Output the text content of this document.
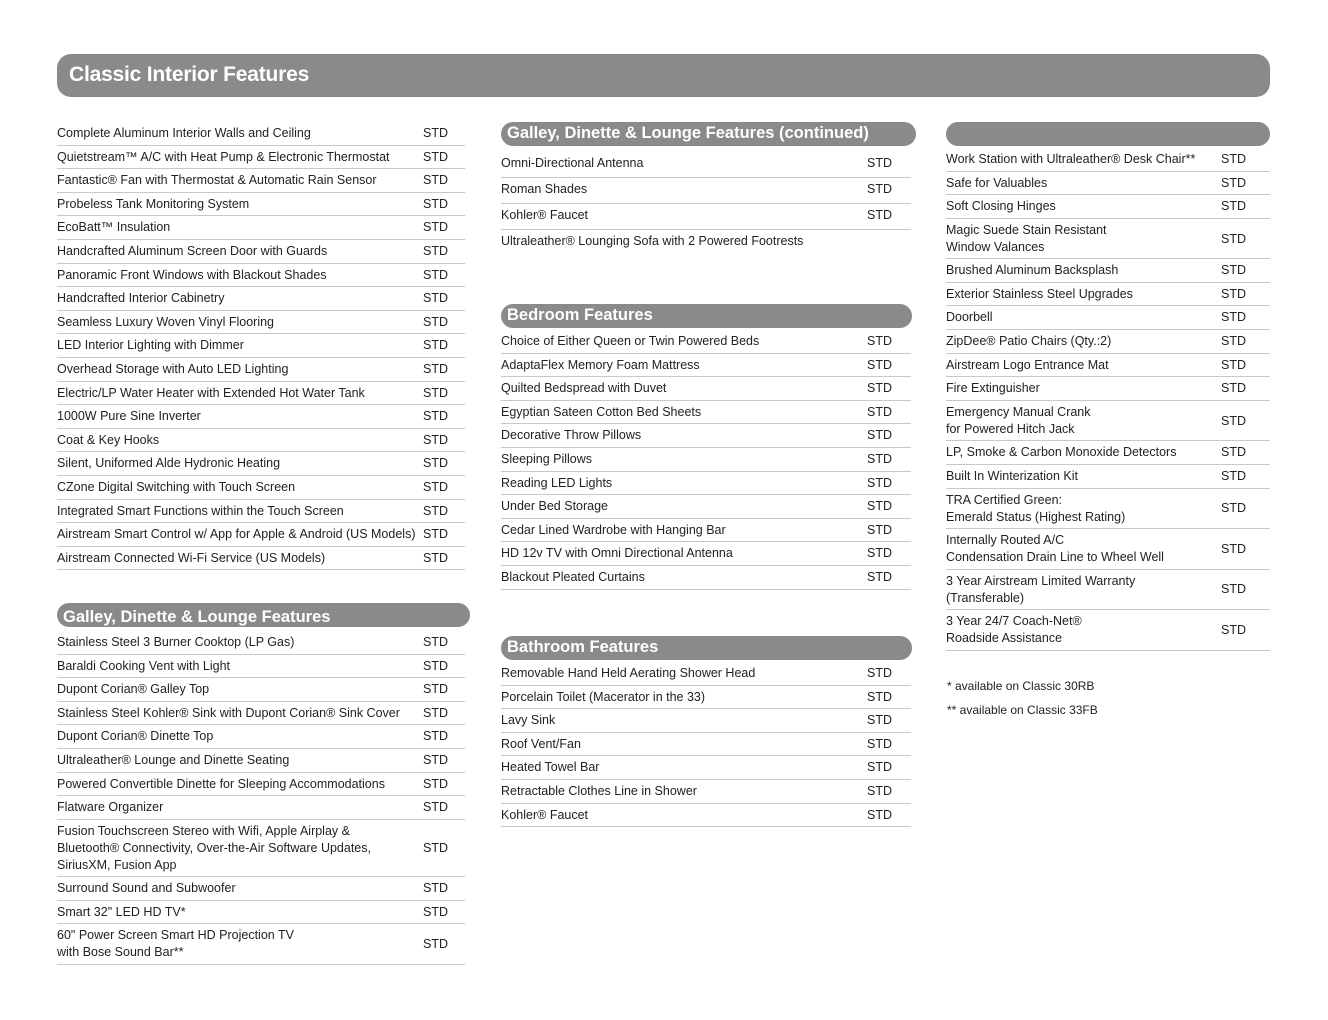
Classic Interior Features
Complete Aluminum Interior Walls and Ceiling	STD
Quietstream™ A/C with Heat Pump & Electronic Thermostat	STD
Fantastic® Fan with Thermostat & Automatic Rain Sensor	STD
Probeless Tank Monitoring System	STD
EcoBatt™ Insulation	STD
Handcrafted Aluminum Screen Door with Guards	STD
Panoramic Front Windows with Blackout Shades	STD
Handcrafted Interior Cabinetry	STD
Seamless Luxury Woven Vinyl Flooring	STD
LED Interior Lighting with Dimmer	STD
Overhead Storage with Auto LED Lighting	STD
Electric/LP Water Heater with Extended Hot Water Tank	STD
1000W Pure Sine Inverter	STD
Coat & Key Hooks	STD
Silent, Uniformed Alde Hydronic Heating	STD
CZone Digital Switching with Touch Screen	STD
Integrated Smart Functions within the Touch Screen	STD
Airstream Smart Control w/ App for Apple & Android (US Models) STD
Airstream Connected Wi-Fi Service (US Models)	STD
Galley, Dinette & Lounge Features
Stainless Steel 3 Burner Cooktop (LP Gas)	STD
Baraldi Cooking Vent with Light	STD
Dupont Corian® Galley Top	STD
Stainless Steel Kohler® Sink with Dupont Corian® Sink Cover STD
Dupont Corian® Dinette Top	STD
Ultraleather® Lounge and Dinette Seating	STD
Powered Convertible Dinette for Sleeping Accommodations	STD
Flatware Organizer	STD
Fusion Touchscreen Stereo with Wifi, Apple Airplay &
Bluetooth® Connectivity, Over-the-Air Software Updates,
SiriusXM, Fusion App
STD
Surround Sound and Subwoofer	STD
Smart 32" LED HD TV*	STD
60" Power Screen Smart HD Projection TV
with Bose Sound Bar**
STD
Galley, Dinette & Lounge Features (continued)
Omni-Directional Antenna	STD
Roman Shades	STD
Kohler® Faucet	STD
Ultraleather® Lounging Sofa with 2 Powered Footrests
Bedroom Features
Choice of Either Queen or Twin Powered Beds	STD
AdaptaFlex Memory Foam Mattress	STD
Quilted Bedspread with Duvet	STD
Egyptian Sateen Cotton Bed Sheets	STD
Decorative Throw Pillows	STD
Sleeping Pillows	STD
Reading LED Lights	STD
Under Bed Storage	STD
Cedar Lined Wardrobe with Hanging Bar	STD
HD 12v TV with Omni Directional Antenna	STD
Blackout Pleated Curtains	STD
Bathroom Features
Removable Hand Held Aerating Shower Head	STD
Porcelain Toilet (Macerator in the 33)	STD
Lavy Sink	STD
Roof Vent/Fan	STD
Heated Towel Bar	STD
Retractable Clothes Line in Shower	STD
Kohler® Faucet	STD
Work Station with Ultraleather® Desk Chair** STD
Safe for Valuables	STD
Soft Closing Hinges	STD
Magic Suede Stain Resistant
Window Valances
STD
Brushed Aluminum Backsplash	STD
Exterior Stainless Steel Upgrades	STD
Doorbell	STD
ZipDee® Patio Chairs (Qty.:2)	STD
Airstream Logo Entrance Mat	STD
Fire Extinguisher	STD
Emergency Manual Crank
for Powered Hitch Jack
STD
LP, Smoke & Carbon Monoxide Detectors	STD
Built In Winterization Kit	STD
TRA Certified Green:
Emerald Status (Highest Rating)
STD
Internally Routed A/C
Condensation Drain Line to Wheel Well
STD
3 Year Airstream Limited Warranty
(Transferable)
STD
3 Year 24/7 Coach-Net®
Roadside Assistance
STD
* available on Classic 30RB
** available on Classic 33FB
